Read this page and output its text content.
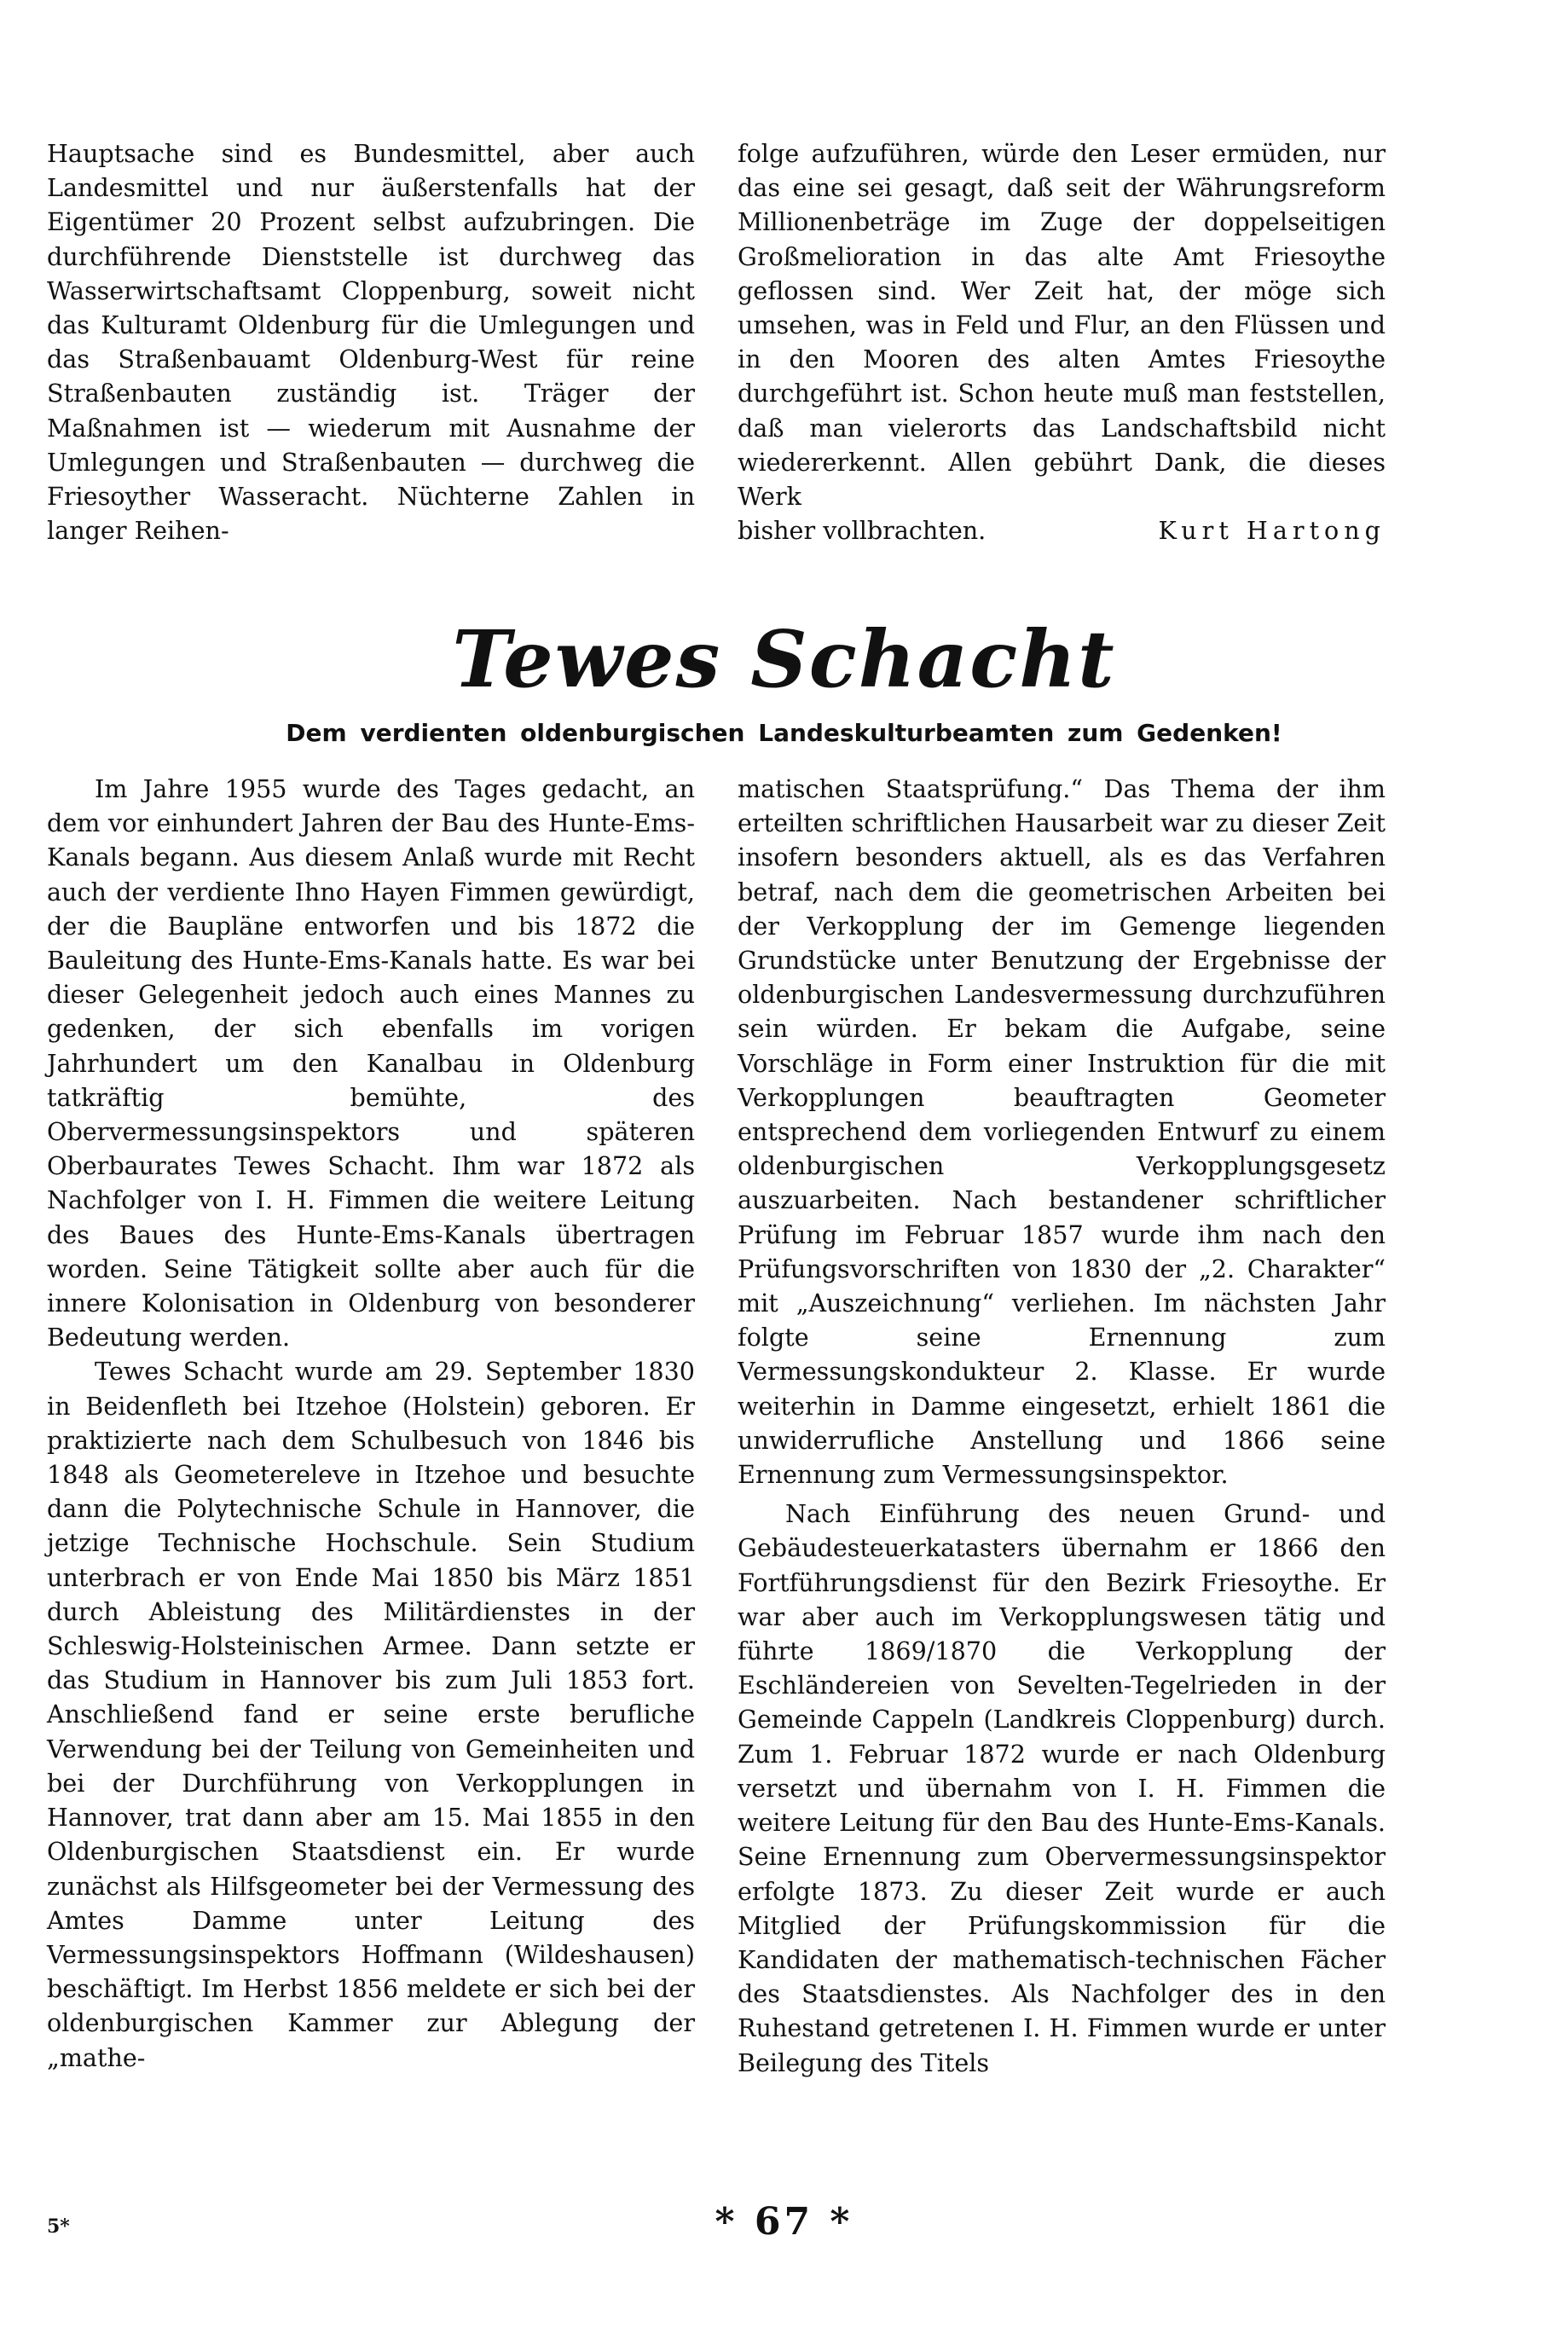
Hauptsache sind es Bundesmittel, aber auch Landesmittel und nur äußerstenfalls hat der Eigentümer 20 Prozent selbst aufzubringen. Die durchführende Dienststelle ist durchweg das Wasserwirtschaftsamt Cloppenburg, soweit nicht das Kulturamt Oldenburg für die Umlegungen und das Straßenbauamt Oldenburg-West für reine Straßenbauten zuständig ist. Träger der Maßnahmen ist — wiederum mit Ausnahme der Umlegungen und Straßenbauten — durchweg die Friesoyther Wasseracht. Nüchterne Zahlen in langer Reihen-

folge aufzuführen, würde den Leser ermüden, nur das eine sei gesagt, daß seit der Währungsreform Millionenbeträge im Zuge der doppelseitigen Großmelioration in das alte Amt Friesoythe geflossen sind. Wer Zeit hat, der möge sich umsehen, was in Feld und Flur, an den Flüssen und in den Mooren des alten Amtes Friesoythe durchgeführt ist. Schon heute muß man feststellen, daß man vielerorts das Landschaftsbild nicht wiedererkennt. Allen gebührt Dank, die dieses Werk

bisher vollbrachten.	Kurt Hartong

Tewes Schacht
Dem verdienten oldenburgischen Landeskulturbeamten zum Gedenken!

Im Jahre 1955 wurde des Tages gedacht, an dem vor einhundert Jahren der Bau des Hunte-Ems-Kanals begann. Aus diesem Anlaß wurde mit Recht auch der verdiente Ihno Hayen Fimmen gewürdigt, der die Baupläne entworfen und bis 1872 die Bauleitung des Hunte-Ems-Kanals hatte. Es war bei dieser Gelegenheit jedoch auch eines Mannes zu gedenken, der sich ebenfalls im vorigen Jahrhundert um den Kanalbau in Oldenburg tatkräftig bemühte, des Obervermessungsinspektors und späteren Oberbaurates Tewes Schacht. Ihm war 1872 als Nachfolger von I. H. Fimmen die weitere Leitung des Baues des Hunte-Ems-Kanals übertragen worden. Seine Tätigkeit sollte aber auch für die innere Kolonisation in Oldenburg von besonderer Bedeutung werden.

Tewes Schacht wurde am 29. September 1830 in Beidenfleth bei Itzehoe (Holstein) geboren. Er praktizierte nach dem Schulbesuch von 1846 bis 1848 als Geometereleve in Itzehoe und besuchte dann die Polytechnische Schule in Hannover, die jetzige Technische Hochschule. Sein Studium unterbrach er von Ende Mai 1850 bis März 1851 durch Ableistung des Militärdienstes in der Schleswig-Holsteinischen Armee. Dann setzte er das Studium in Hannover bis zum Juli 1853 fort. Anschließend fand er seine erste berufliche Verwendung bei der Teilung von Gemeinheiten und bei der Durchführung von Verkopplungen in Hannover, trat dann aber am 15. Mai 1855 in den Oldenburgischen Staatsdienst ein. Er wurde zunächst als Hilfsgeometer bei der Vermessung des Amtes Damme unter Leitung des Vermessungsinspektors Hoffmann (Wildeshausen) beschäftigt. Im Herbst 1856 meldete er sich bei der oldenburgischen Kammer zur Ablegung der „mathe-

matischen Staatsprüfung.“ Das Thema der ihm erteilten schriftlichen Hausarbeit war zu dieser Zeit insofern besonders aktuell, als es das Verfahren betraf, nach dem die geometrischen Arbeiten bei der Verkopplung der im Gemenge liegenden Grundstücke unter Benutzung der Ergebnisse der oldenburgischen Landesvermessung durchzuführen sein würden. Er bekam die Aufgabe, seine Vorschläge in Form einer Instruktion für die mit Verkopplungen beauftragten Geometer entsprechend dem vorliegenden Entwurf zu einem oldenburgischen Verkopplungsgesetz auszuarbeiten. Nach bestandener schriftlicher Prüfung im Februar 1857 wurde ihm nach den Prüfungsvorschriften von 1830 der „2. Charakter“ mit „Auszeichnung“ verliehen. Im nächsten Jahr folgte seine Ernennung zum Vermessungskondukteur 2. Klasse. Er wurde weiterhin in Damme eingesetzt, erhielt 1861 die unwiderrufliche Anstellung und 1866 seine Ernennung zum Vermessungsinspektor.

Nach Einführung des neuen Grund- und Gebäudesteuerkatasters übernahm er 1866 den Fortführungsdienst für den Bezirk Friesoythe. Er war aber auch im Verkopplungswesen tätig und führte 1869/1870 die Verkopplung der Eschländereien von Sevelten-Tegelrieden in der Gemeinde Cappeln (Landkreis Cloppenburg) durch. Zum 1. Februar 1872 wurde er nach Oldenburg versetzt und übernahm von I. H. Fimmen die weitere Leitung für den Bau des Hunte-Ems-Kanals. Seine Ernennung zum Obervermessungsinspektor erfolgte 1873. Zu dieser Zeit wurde er auch Mitglied der Prüfungskommission für die Kandidaten der mathematisch-technischen Fächer des Staatsdienstes. Als Nachfolger des in den Ruhestand getretenen I. H. Fimmen wurde er unter Beilegung des Titels

5*	* 67 *
